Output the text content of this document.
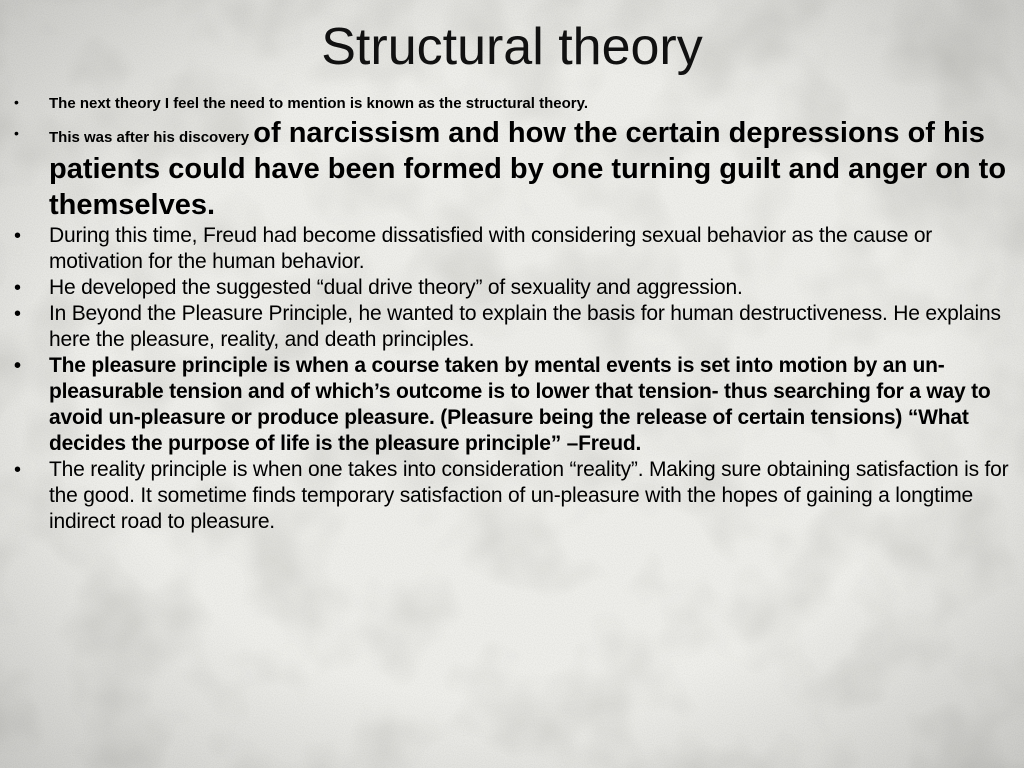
Structural theory
• The next theory I feel the need to mention is known as the structural theory.
• This was after his discovery of narcissism and how the certain depressions of his patients could have been formed by one turning guilt and anger on to themselves.
• During this time, Freud had become dissatisfied with considering sexual behavior as the cause or motivation for the human behavior.
• He developed the suggested “dual drive theory” of sexuality and aggression.
• In Beyond the Pleasure Principle, he wanted to explain the basis for human destructiveness. He explains here the pleasure, reality, and death principles.
• The pleasure principle is when a course taken by mental events is set into motion by an un-pleasurable tension and of which’s outcome is to lower that tension- thus searching for a way to avoid un-pleasure or produce pleasure. (Pleasure being the release of certain tensions) “What decides the purpose of life is the pleasure principle” –Freud.
• The reality principle is when one takes into consideration “reality”. Making sure obtaining satisfaction is for the good. It sometime finds temporary satisfaction of un-pleasure with the hopes of gaining a longtime indirect road to pleasure.
